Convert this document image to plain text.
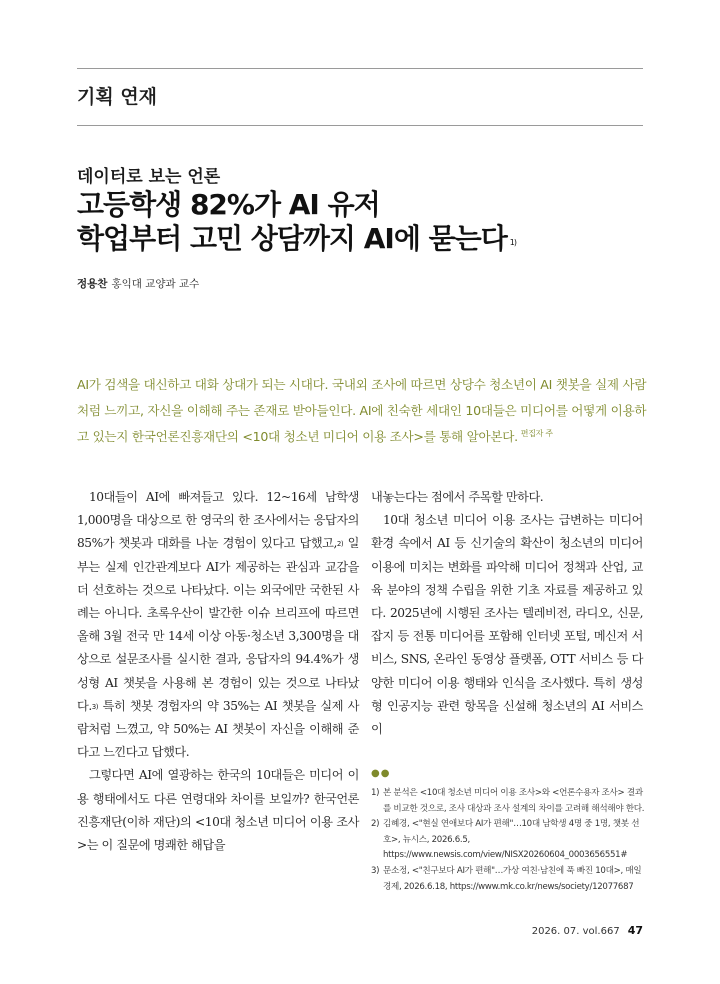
기획 연재
데이터로 보는 언론
고등학생 82%가 AI 유저
학업부터 고민 상담까지 AI에 묻는다 $^{1)}$
정용찬 홍익대 교양과 교수
AI가 검색을 대신하고 대화 상대가 되는 시대다. 국내외 조사에 따르면 상당수 청소년이 AI 챗봇을 실제 사람처럼 느끼고, 자신을 이해해 주는 존재로 받아들인다. AI에 친숙한 세대인 10대들은 미디어를 어떻게 이용하고 있는지 한국언론진흥재단의 <10대 청소년 미디어 이용 조사>를 통해 알아본다. $^{편집자 주}$

10대들이 AI에 빠져들고 있다. 12~16세 남학생 1,000명을 대상으로 한 영국의 한 조사에서는 응답자의 85%가 챗봇과 대화를 나눈 경험이 있다고 답했고,$^{2)}$ 일부는 실제 인간관계보다 AI가 제공하는 관심과 교감을 더 선호하는 것으로 나타났다. 이는 외국에만 국한된 사례는 아니다. 초록우산이 발간한 이슈 브리프에 따르면 올해 3월 전국 만 14세 이상 아동·청소년 3,300명을 대상으로 설문조사를 실시한 결과, 응답자의 94.4%가 생성형 AI 챗봇을 사용해 본 경험이 있는 것으로 나타났다.$^{3)}$ 특히 챗봇 경험자의 약 35%는 AI 챗봇을 실제 사람처럼 느꼈고, 약 50%는 AI 챗봇이 자신을 이해해 준다고 느낀다고 답했다.

그렇다면 AI에 열광하는 한국의 10대들은 미디어 이용 행태에서도 다른 연령대와 차이를 보일까? 한국언론진흥재단(이하 재단)의 <10대 청소년 미디어 이용 조사>는 이 질문에 명쾌한 해답을

내놓는다는 점에서 주목할 만하다.

10대 청소년 미디어 이용 조사는 급변하는 미디어 환경 속에서 AI 등 신기술의 확산이 청소년의 미디어 이용에 미치는 변화를 파악해 미디어 정책과 산업, 교육 분야의 정책 수립을 위한 기초 자료를 제공하고 있다. 2025년에 시행된 조사는 텔레비전, 라디오, 신문, 잡지 등 전통 미디어를 포함해 인터넷 포털, 메신저 서비스, SNS, 온라인 동영상 플랫폼, OTT 서비스 등 다양한 미디어 이용 행태와 인식을 조사했다. 특히 생성형 인공지능 관련 항목을 신설해 청소년의 AI 서비스 이

●●
1) 본 분석은 <10대 청소년 미디어 이용 조사>와 <언론수용자 조사> 결과를 비교한 것으로, 조사 대상과 조사 설계의 차이를 고려해 해석해야 한다.
2) 김혜경, <"현실 연애보다 AI가 편해"…10대 남학생 4명 중 1명, 챗봇 선호>, 뉴시스, 2026.6.5, https://www.newsis.com/view/NISX20260604_0003656551#
3) 문소정, <"친구보다 AI가 편해"…가상 여친·남친에 푹 빠진 10대>, 매일경제, 2026.6.18, https://www.mk.co.kr/news/society/12077687
2026. 07. vol.667 47
